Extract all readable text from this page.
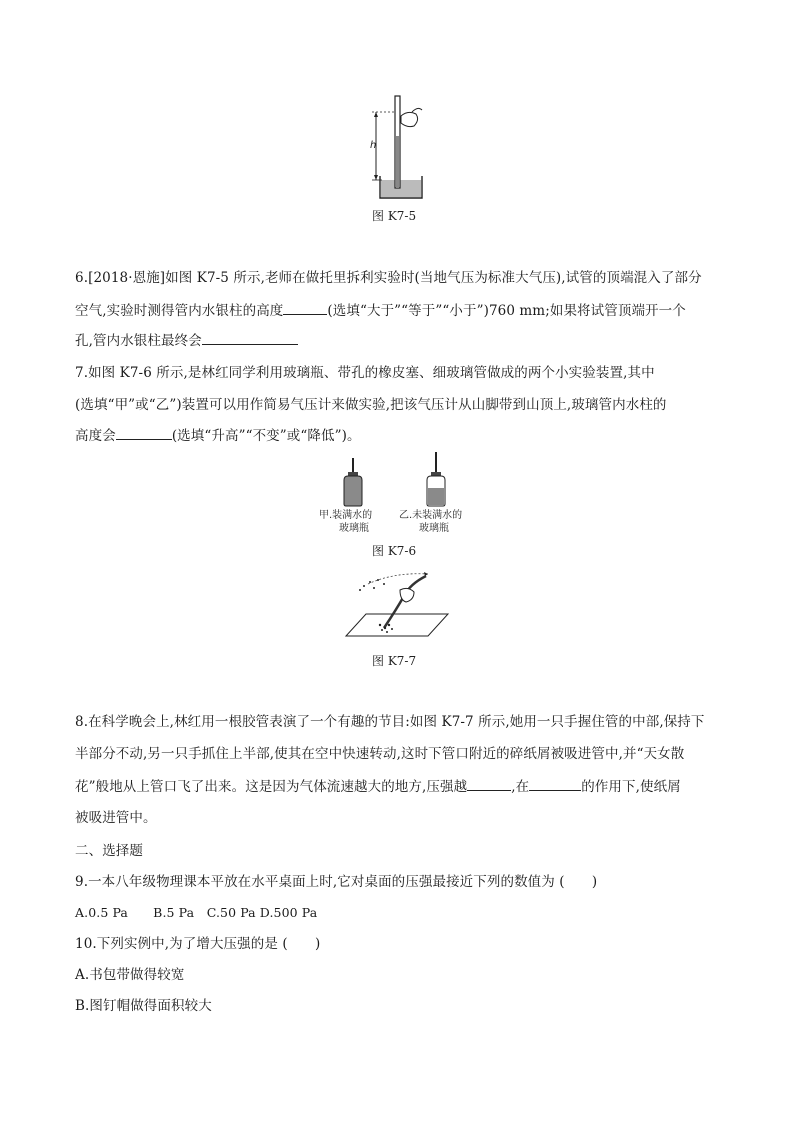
h
图 K7-5
6.[2018·恩施]如图 K7-5 所示,老师在做托里拆利实验时(当地气压为标准大气压),试管的顶端混入了部分
空气,实验时测得管内水银柱的高度	(选填“大于”“等于”“小于”)760 mm;如果将试管顶端开一个
孔,管内水银柱最终会
7.如图 K7-6 所示,是林红同学利用玻璃瓶、带孔的橡皮塞、细玻璃管做成的两个小实验装置,其中
(选填“甲”或“乙”)装置可以用作简易气压计来做实验,把该气压计从山脚带到山顶上,玻璃管内水柱的
高度会	(选填“升高”“不变”或“降低”)。
甲.装满水的
玻璃瓶
乙.未装满水的
玻璃瓶
图 K7-6
图 K7-7
8.在科学晚会上,林红用一根胶管表演了一个有趣的节目:如图 K7-7 所示,她用一只手握住管的中部,保持下
半部分不动,另一只手抓住上半部,使其在空中快速转动,这时下管口附近的碎纸屑被吸进管中,并“天女散
花”般地从上管口飞了出来。这是因为气体流速越大的地方,压强越	,在	的作用下,使纸屑
被吸进管中。
二、选择题
9.一本八年级物理课本平放在水平桌面上时,它对桌面的压强最接近下列的数值为 (　　)
A.0.5 Pa　　B.5 Pa　C.50 Pa D.500 Pa
10.下列实例中,为了增大压强的是 (　　)
A.书包带做得较宽
B.图钉帽做得面积较大
